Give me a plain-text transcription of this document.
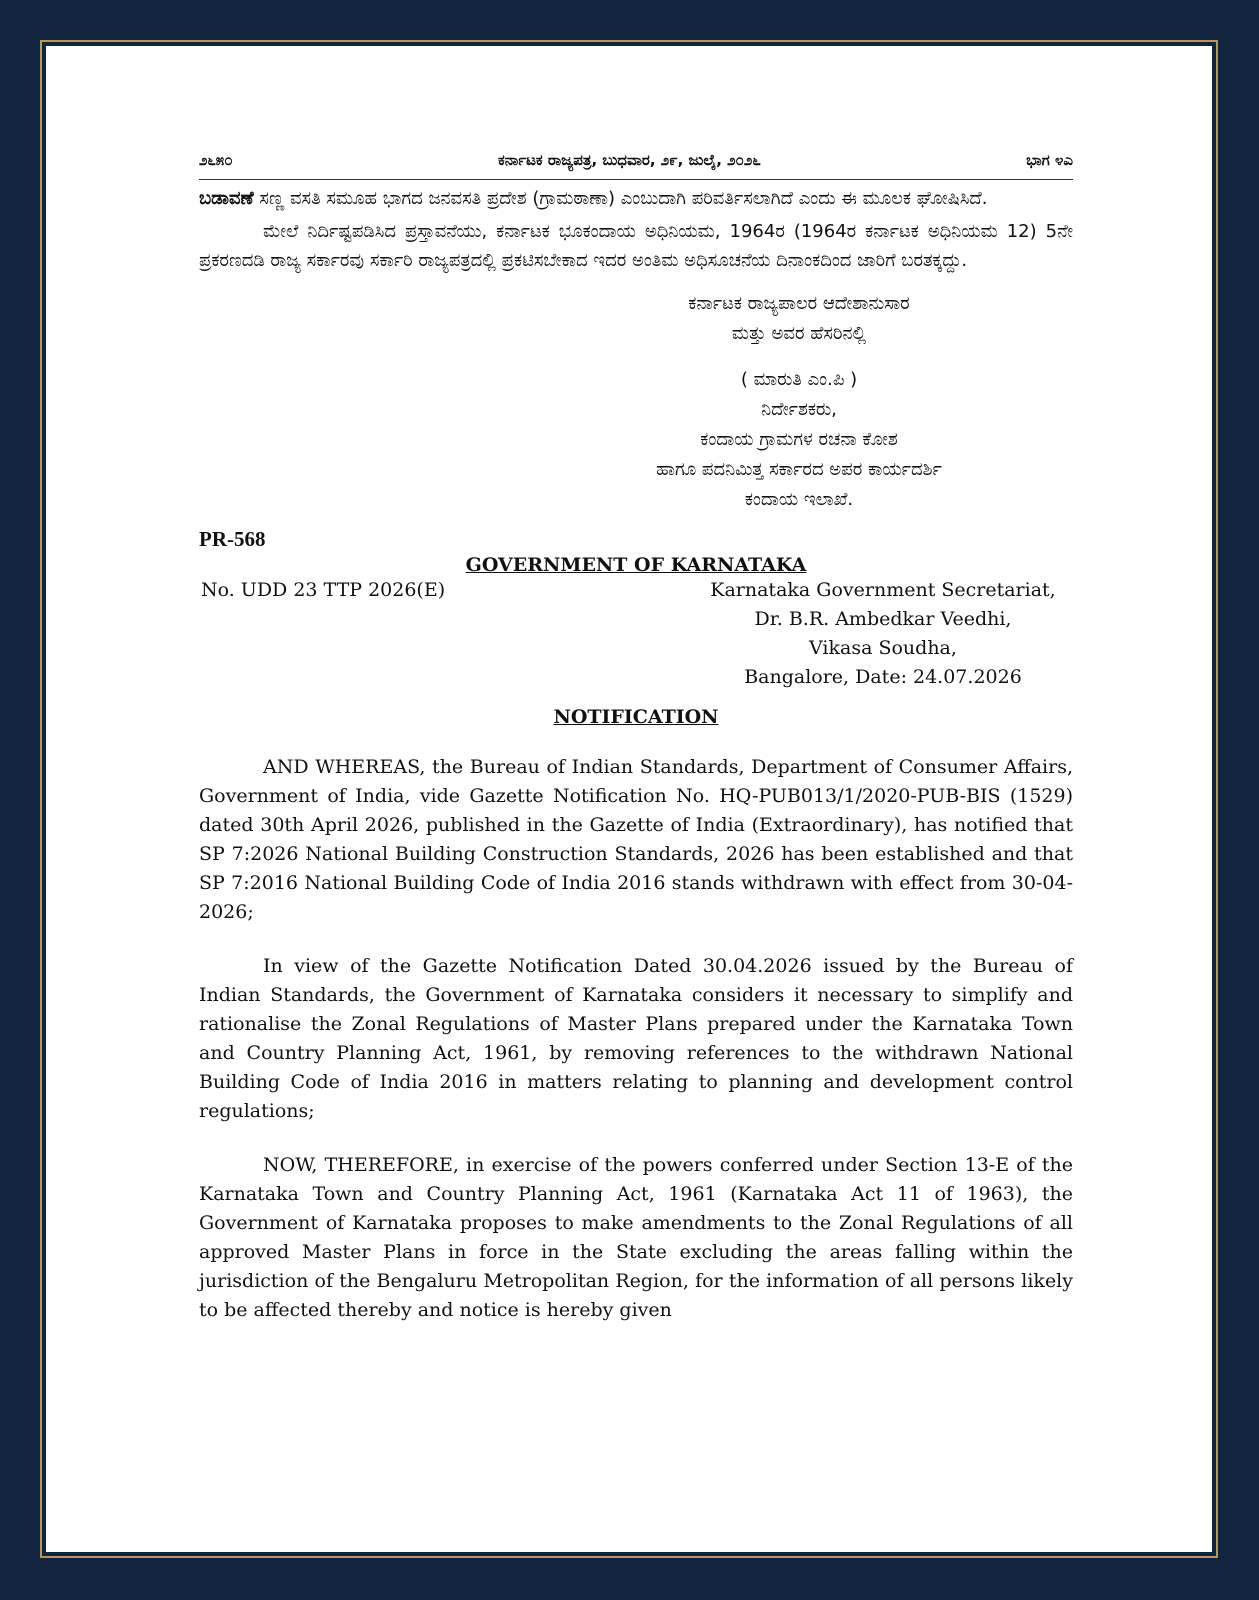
೨೬೫೦	ಕರ್ನಾಟಕ ರಾಜ್ಯಪತ್ರ, ಬುಧವಾರ, ೨೯, ಜುಲೈ, ೨೦೨೬	ಭಾಗ ೪ಎ

ಬಡಾವಣೆ ಸಣ್ಣ ವಸತಿ ಸಮೂಹ ಭಾಗದ ಜನವಸತಿ ಪ್ರದೇಶ (ಗ್ರಾಮಠಾಣಾ) ಎಂಬುದಾಗಿ ಪರಿವರ್ತಿಸಲಾಗಿದೆ ಎಂದು ಈ ಮೂಲಕ ಘೋಷಿಸಿದೆ.

ಮೇಲೆ ನಿರ್ದಿಷ್ಟಪಡಿಸಿದ ಪ್ರಸ್ತಾವನೆಯು, ಕರ್ನಾಟಕ ಭೂಕಂದಾಯ ಅಧಿನಿಯಮ, 1964ರ (1964ರ ಕರ್ನಾಟಕ ಅಧಿನಿಯಮ 12) 5ನೇ ಪ್ರಕರಣದಡಿ ರಾಜ್ಯ ಸರ್ಕಾರವು ಸರ್ಕಾರಿ ರಾಜ್ಯಪತ್ರದಲ್ಲಿ ಪ್ರಕಟಿಸಬೇಕಾದ ಇದರ ಅಂತಿಮ ಅಧಿಸೂಚನೆಯ ದಿನಾಂಕದಿಂದ ಜಾರಿಗೆ ಬರತಕ್ಕದ್ದು.

ಕರ್ನಾಟಕ ರಾಜ್ಯಪಾಲರ ಆದೇಶಾನುಸಾರ
ಮತ್ತು ಅವರ ಹೆಸರಿನಲ್ಲಿ
( ಮಾರುತಿ ಎಂ.ಪಿ )
ನಿರ್ದೇಶಕರು,
ಕಂದಾಯ ಗ್ರಾಮಗಳ ರಚನಾ ಕೋಶ
ಹಾಗೂ ಪದನಿಮಿತ್ತ ಸರ್ಕಾರದ ಅಪರ ಕಾರ್ಯದರ್ಶಿ
ಕಂದಾಯ ಇಲಾಖೆ.
PR-568
GOVERNMENT OF KARNATAKA
No. UDD 23 TTP 2026(E)	Karnataka Government Secretariat,
Dr. B.R. Ambedkar Veedhi,
Vikasa Soudha,
Bangalore, Date: 24.07.2026
NOTIFICATION

AND WHEREAS, the Bureau of Indian Standards, Department of Consumer Affairs, Government of India, vide Gazette Notification No. HQ-PUB013/1/2020-PUB-BIS (1529) dated 30th April 2026, published in the Gazette of India (Extraordinary), has notified that SP 7:2026 National Building Construction Standards, 2026 has been established and that SP 7:2016 National Building Code of India 2016 stands withdrawn with effect from 30-04-2026;

In view of the Gazette Notification Dated 30.04.2026 issued by the Bureau of Indian Standards, the Government of Karnataka considers it necessary to simplify and rationalise the Zonal Regulations of Master Plans prepared under the Karnataka Town and Country Planning Act, 1961, by removing references to the withdrawn National Building Code of India 2016 in matters relating to planning and development control regulations;

NOW, THEREFORE, in exercise of the powers conferred under Section 13-E of the Karnataka Town and Country Planning Act, 1961 (Karnataka Act 11 of 1963), the Government of Karnataka proposes to make amendments to the Zonal Regulations of all approved Master Plans in force in the State excluding the areas falling within the jurisdiction of the Bengaluru Metropolitan Region, for the information of all persons likely to be affected thereby and notice is hereby given
